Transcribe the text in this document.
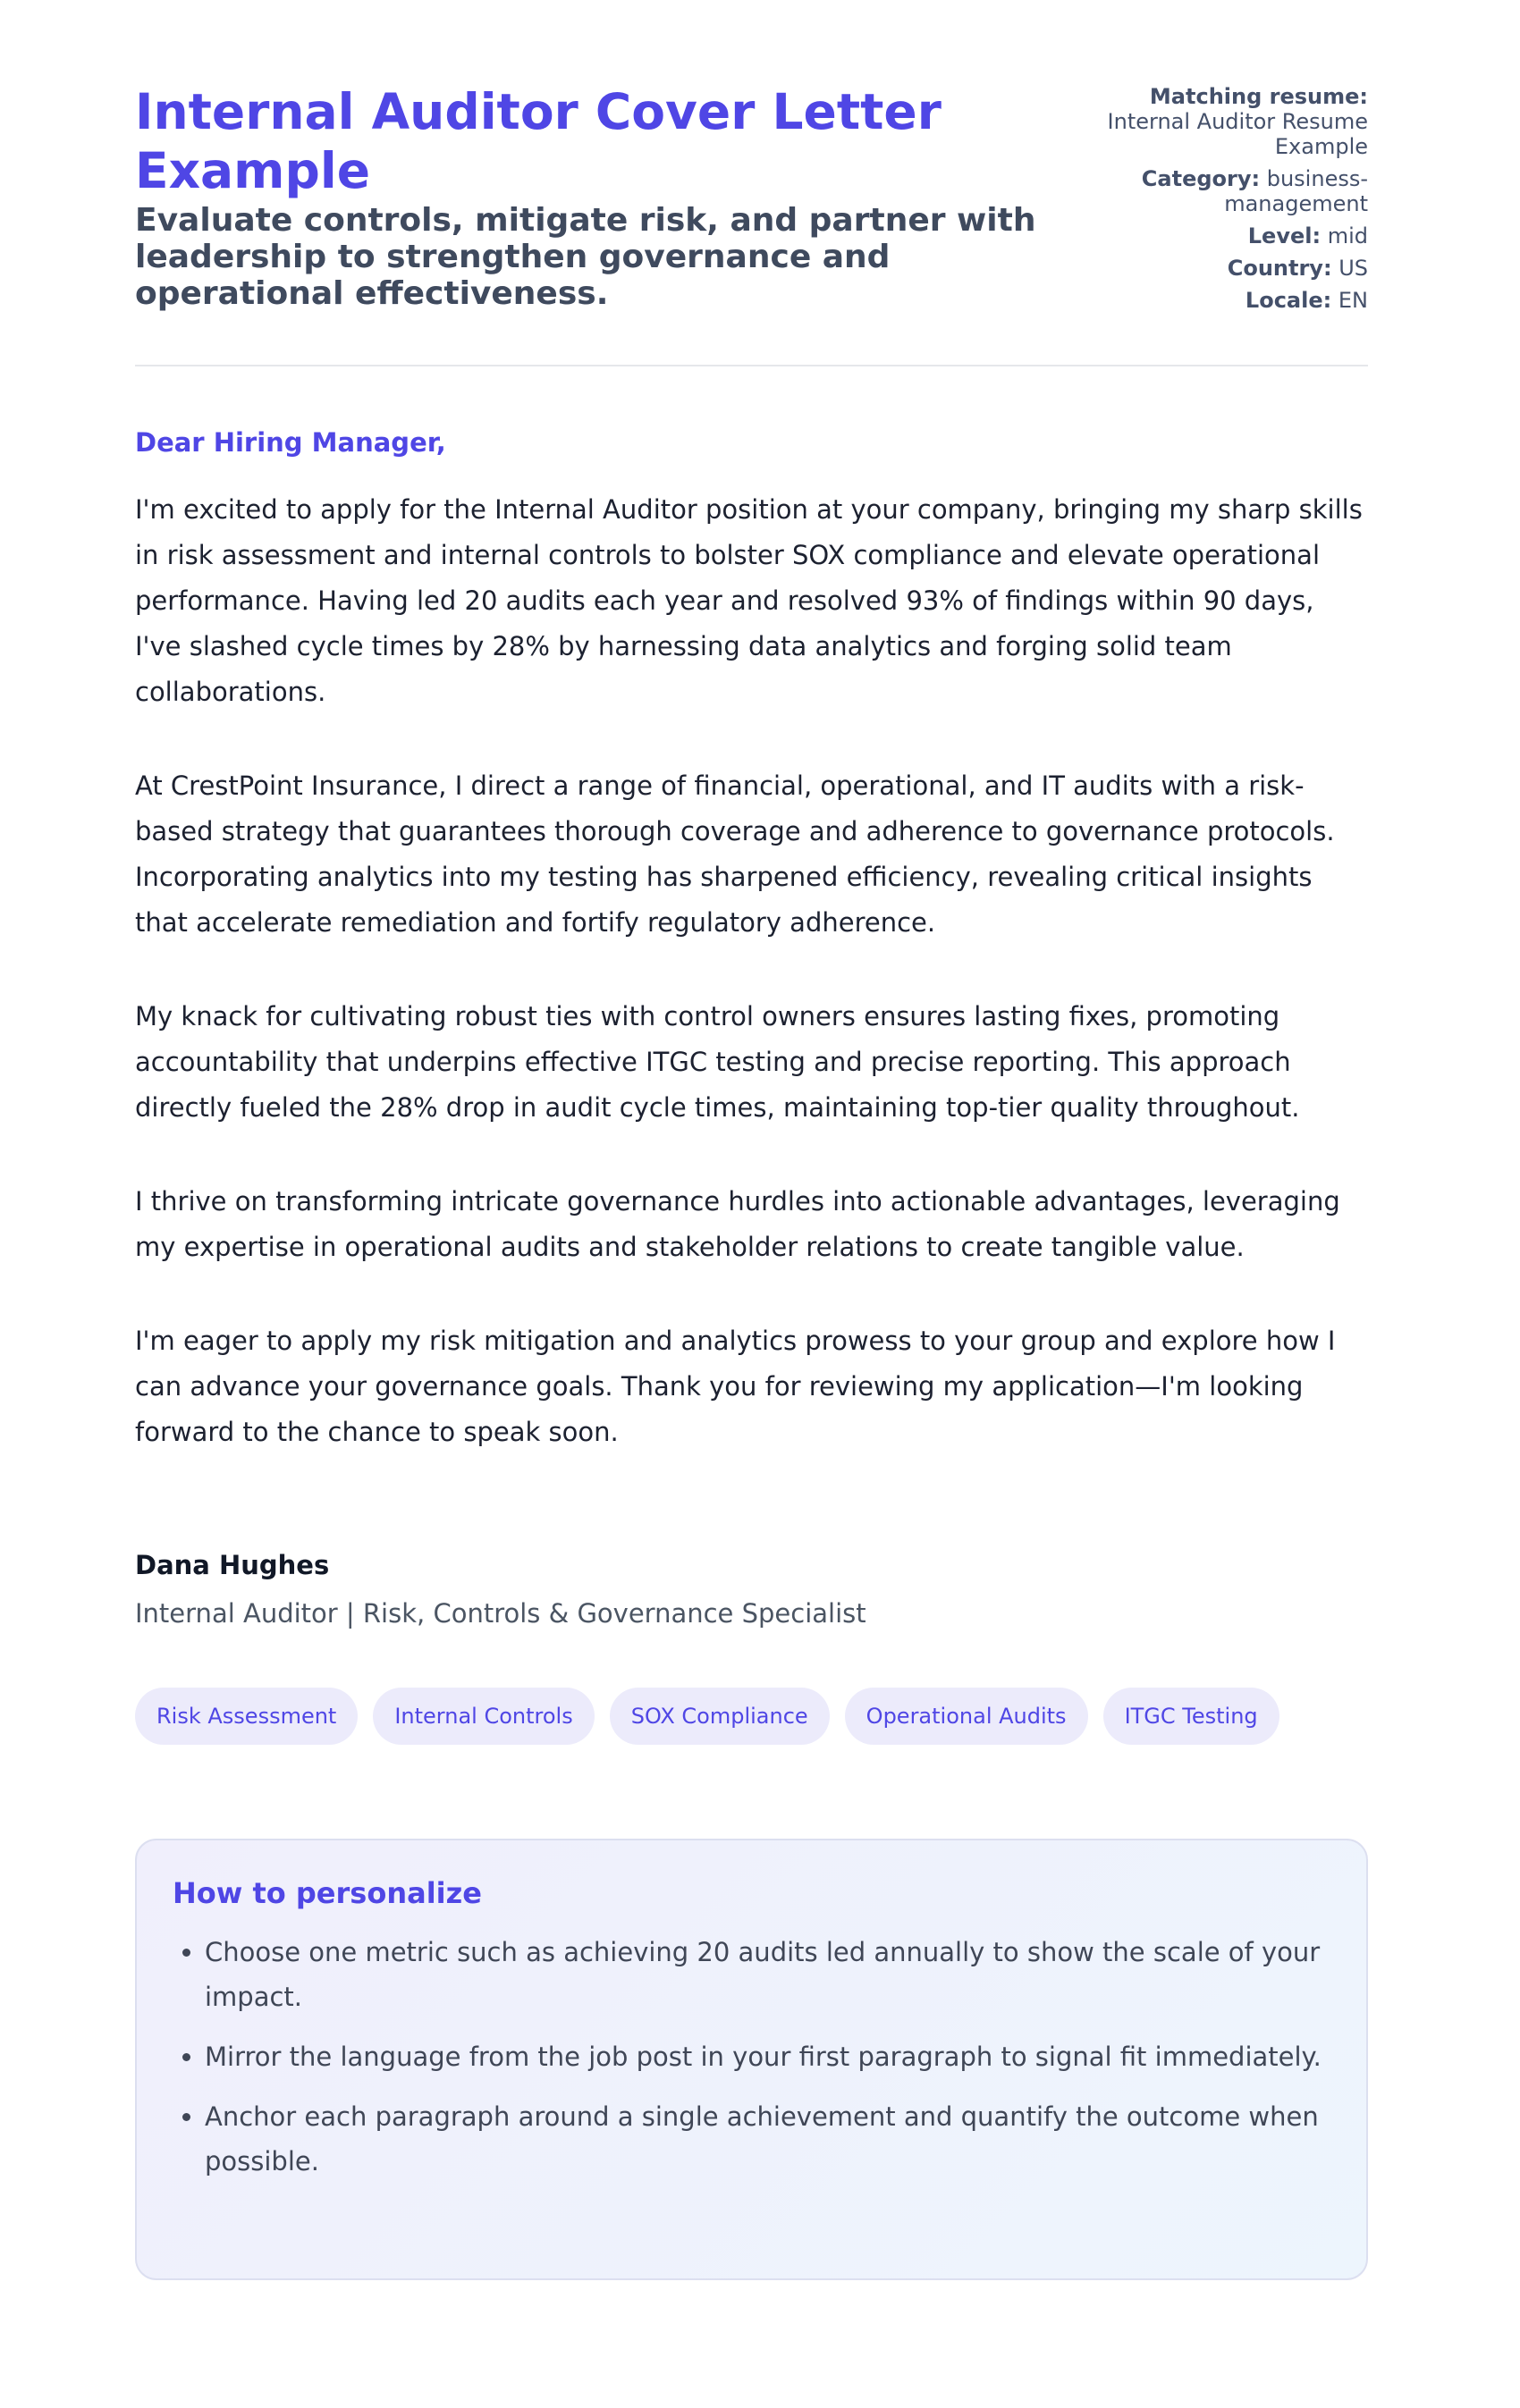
Internal Auditor Cover Letter Example
Evaluate controls, mitigate risk, and partner with leadership to strengthen governance and operational effectiveness.
Matching resume: Internal Auditor Resume Example
Category: business-management
Level: mid
Country: US
Locale: EN
Dear Hiring Manager,

I'm excited to apply for the Internal Auditor position at your company, bringing my sharp skills in risk assessment and internal controls to bolster SOX compliance and elevate operational performance. Having led 20 audits each year and resolved 93% of findings within 90 days, I've slashed cycle times by 28% by harnessing data analytics and forging solid team collaborations.

At CrestPoint Insurance, I direct a range of financial, operational, and IT audits with a risk-based strategy that guarantees thorough coverage and adherence to governance protocols. Incorporating analytics into my testing has sharpened efficiency, revealing critical insights that accelerate remediation and fortify regulatory adherence.

My knack for cultivating robust ties with control owners ensures lasting fixes, promoting accountability that underpins effective ITGC testing and precise reporting. This approach directly fueled the 28% drop in audit cycle times, maintaining top-tier quality throughout.

I thrive on transforming intricate governance hurdles into actionable advantages, leveraging my expertise in operational audits and stakeholder relations to create tangible value.

I'm eager to apply my risk mitigation and analytics prowess to your group and explore how I can advance your governance goals. Thank you for reviewing my application—I'm looking forward to the chance to speak soon.

Dana Hughes
Internal Auditor | Risk, Controls & Governance Specialist
Risk Assessment	Internal Controls	SOX Compliance	Operational Audits	ITGC Testing
How to personalize
• Choose one metric such as achieving 20 audits led annually to show the scale of your impact.
• Mirror the language from the job post in your first paragraph to signal fit immediately.
• Anchor each paragraph around a single achievement and quantify the outcome when possible.
